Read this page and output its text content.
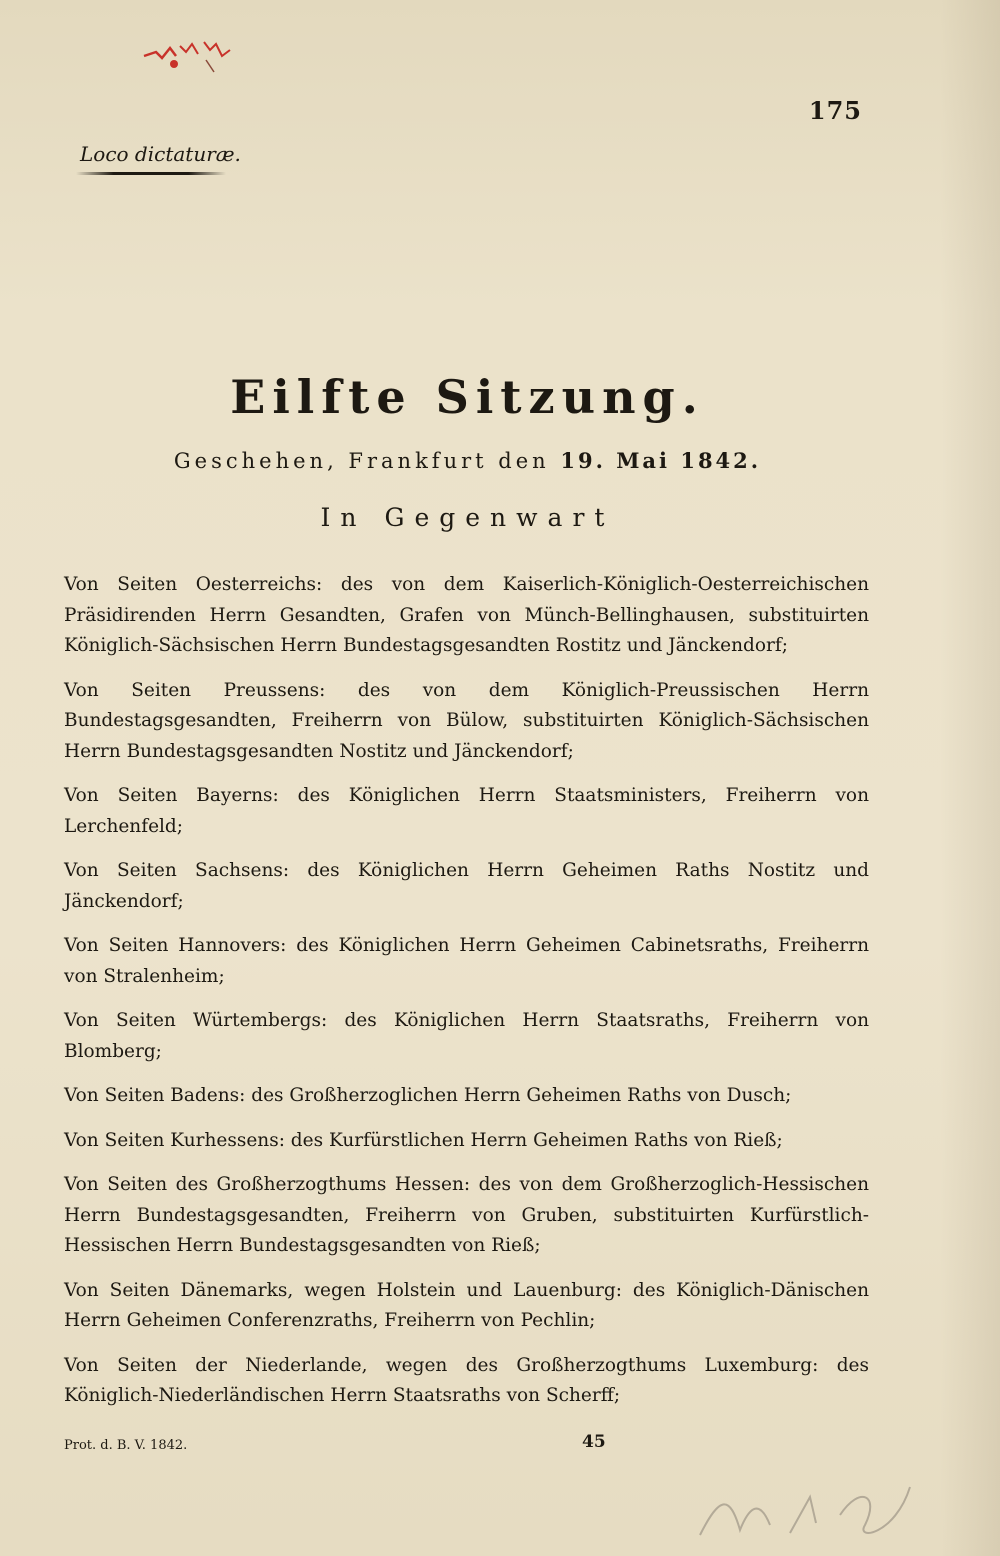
175
Loco dictaturæ.
Eilfte Sitzung.
Geschehen, Frankfurt den 19. Mai 1842.
In Gegenwart

Von Seiten Oesterreichs: des von dem Kaiserlich-Königlich-Oesterreichischen Präsidirenden Herrn Gesandten, Grafen von Münch-Bellinghausen, substituirten Königlich-Sächsischen Herrn Bundestagsgesandten Rostitz und Jänckendorf;

Von Seiten Preussens: des von dem Königlich-Preussischen Herrn Bundestagsgesandten, Freiherrn von Bülow, substituirten Königlich-Sächsischen Herrn Bundestagsgesandten Nostitz und Jänckendorf;

Von Seiten Bayerns: des Königlichen Herrn Staatsministers, Freiherrn von Lerchenfeld;

Von Seiten Sachsens: des Königlichen Herrn Geheimen Raths Nostitz und Jänckendorf;

Von Seiten Hannovers: des Königlichen Herrn Geheimen Cabinetsraths, Freiherrn von Stralenheim;

Von Seiten Würtembergs: des Königlichen Herrn Staatsraths, Freiherrn von Blomberg;

Von Seiten Badens: des Großherzoglichen Herrn Geheimen Raths von Dusch;

Von Seiten Kurhessens: des Kurfürstlichen Herrn Geheimen Raths von Rieß;

Von Seiten des Großherzogthums Hessen: des von dem Großherzoglich-Hessischen Herrn Bundestagsgesandten, Freiherrn von Gruben, substituirten Kurfürstlich-Hessischen Herrn Bundestagsgesandten von Rieß;

Von Seiten Dänemarks, wegen Holstein und Lauenburg: des Königlich-Dänischen Herrn Geheimen Conferenzraths, Freiherrn von Pechlin;

Von Seiten der Niederlande, wegen des Großherzogthums Luxemburg: des Königlich-Niederländischen Herrn Staatsraths von Scherff;

Prot. d. B. V. 1842.	45
